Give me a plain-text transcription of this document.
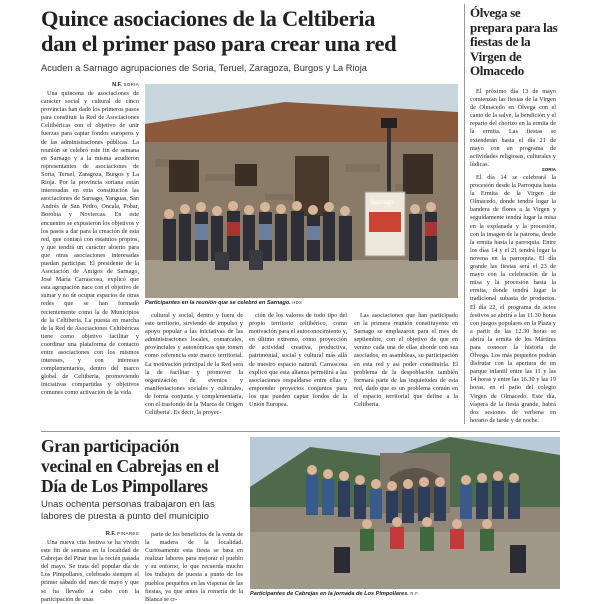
Quince asociaciones de la Celtiberia
dan el primer paso para crear una red
Acuden a Sarnago agrupaciones de Soria, Teruel, Zaragoza, Burgos y La Rioja
N.F. SORIA

Una quincena de asociaciones de carácter social y cultural de cinco provincias han dado los primeros pasos para constituir la Red de Asociaciones Celtibéricas con el objetivo de unir fuerzas para captar fondos europeos y de las administraciones públicas. La reunión se celebró este fin de semana en Sarnago y a la misma acudieron representantes de asociaciones de Soria, Teruel, Zaragoza, Burgos y La Rioja. Por la provincia soriana están interesadas en esta constitución las asociaciones de Sarnago, Yanguas, San Andrés de San Pedro, Oncala, Pobar, Borobia y Noviercas. En este encuentro se expusieron los objetivos y los pasos a dar para la creación de esta red, que contará con estatutos propios, y que tendrá un carácter abierto para que otras asociaciones interesadas puedan participar. El presidente de la Asociación de Amigos de Sarnago, José María Carrascosa, explicó que esta agrupación nace con el objetivo de sumar y no de ocupar espacios de otras redes que se han formado recientemente como la de Municipios de la Celtiberia. La puesta en marcha de la Red de Asociaciones Celtibéricas tiene como objetivo facilitar y coordinar una plataforma de contacto entre asociaciones con los mismos intereses, y con intereses complementarios, dentro del marco global de Celtiberia, promoviendo iniciativas compartidas y objetivos comunes como activación de la vida

Sarnago
Participantes en la reunión que se celebró en Sarnago. HDS

cultural y social, dentro y fuera de este territorio, sirviendo de impulso y apoyo popular a las iniciativas de las administraciones locales, comarcales, provinciales y autonómicas que tomen como referencia este marco territorial. La motivación principal de la Red será la de facilitar y promover la organización de eventos y manifestaciones sociales y culturales, de forma conjunta y complementaria, con el trasfondo de la 'Marca de Origen Celtiberia'. Es decir, la proyec-

ción de los valores de todo tipo del propio territorio celtibérico, como motivación para el autoconocimiento y, en último extremo, como proyección de actividad creativa, productiva, patrimonial, social y cultural más allá de nuestro espacio natural. Carrascosa explicó que esta alianza permitirá a las asociaciones respaldarse entre ellas y emprender proyectos conjuntos para los que pueden captar fondos de la Unión Europea.

Las asociaciones que han participado en la primera reunión constituyente en Sarnago se emplazaron para el mes de septiembre, con el objetivo de que en verano cada una de ellas aborde con sus asociados, en asambleas, su participación en esta red y así poder constituirla. El problema de la despoblación también formará parte de las inquietudes de esta red, dado que es un problema común en el espacio territorial que define a la Celtiberia.

Ólvega se prepara para las fiestas de la Virgen de Olmacedo

El próximo día 13 de mayo comienzan las fiestas de la Virgen de Olmacedo en Ólvega con el canto de la salve, la bendición y el reparto del chorizo en la ermita de la ermita. Las fiestas se extenderán hasta el día 21 de mayo con un programa de actividades religiosas, culturales y lúdicas.

SORIA

El día 14 se celebrará la procesión desde la Parroquia hasta la Ermita de la Virgen de Olmacedo, donde tendrá lugar la bandera de flores a la Virgen y seguidamente tendrá lugar la misa en la explanada y la procesión, con la imagen de la patrona, desde la ermita hasta la parroquia. Entre los días 14 y el 21 tendrá lugar la novena en la parroquia. El día grande las fiestas será el 23 de mayo con la celebración de la misa y la procesión hasta la ermita, donde tendrá lugar la tradicional subasta de productos. El día 22, el programa de actos festivos se abrirá a las 11.30 horas con juegos populares en la Plaza y a partir de las 12.30 horas se abrirá la ermita de los Mártires para conocer la historia de Ólvega. Los más pequeños podrán disfrutar con la apertura de un parque infantil entre las 11 y las 14 horas y entre las 16.30 y las 19 horas, en el patio del colegio Virgen de Olmacedo. Este día, víspera de la fiesta grande, habrá dos sesiones de verbena en horario de tarde y de noche.

Gran participación
vecinal en Cabrejas en el
Día de Los Pimpollares
Unas ochenta personas trabajaron en las
labores de puesta a punto del municipio
R.F. PINARES

Una nueva cita festiva se ha vivido este fin de semana en la localidad de Cabrejas del Pinar tras la recién pasada del mayo. Se trata del popular día de Los Pimpollares, celebrado siempre el primer sábado del mes de mayo y que se ha llevado a cabo con la participación de unas

parte de los beneficios de la venta de la madera de la localidad. Curiosamente esta fiesta se basa en realizar labores para mejorar el pueblo y su entorno, lo que recuerda mucho los trabajos de puesta a punto de los pueblos pequeños en las vísperas de las fiestas, ya que antes la romería de la Blanca se cr-

Participantes de Cabrejas en la jornada de Los Pimpollares. R.F.
